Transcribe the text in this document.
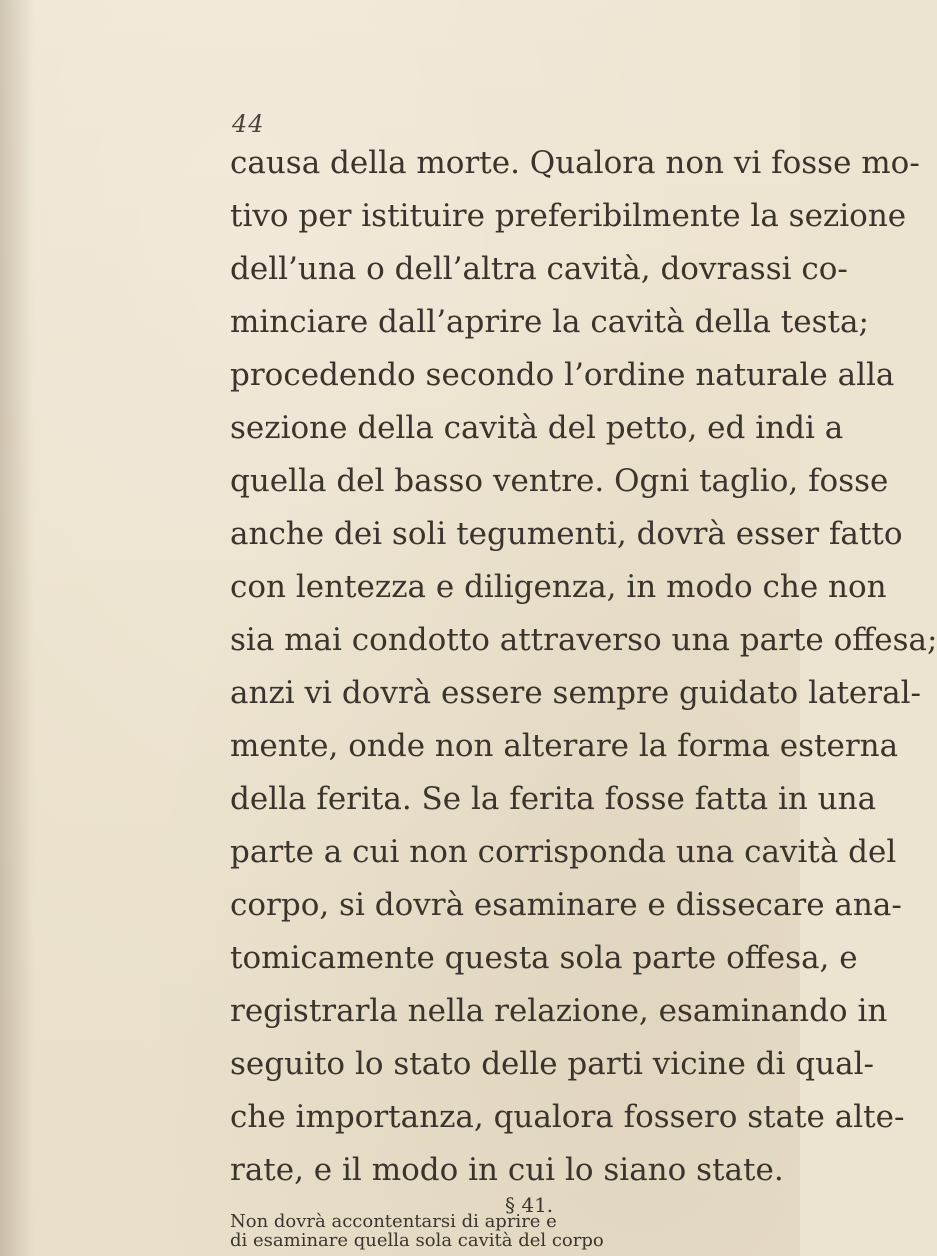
44
causa della morte. Qualora non vi fosse mo-
tivo per istituire preferibilmente la sezione
dell’una o dell’altra cavità, dovrassi co-
minciare dall’aprire la cavità della testa;
procedendo secondo l’ordine naturale alla
sezione della cavità del petto, ed indi a
quella del basso ventre. Ogni taglio, fosse
anche dei soli tegumenti, dovrà esser fatto
con lentezza e diligenza, in modo che non
sia mai condotto attraverso una parte offesa;
anzi vi dovrà essere sempre guidato lateral-
mente, onde non alterare la forma esterna
della ferita. Se la ferita fosse fatta in una
parte a cui non corrisponda una cavità del
corpo, si dovrà esaminare e dissecare ana-
tomicamente questa sola parte offesa, e
registrarla nella relazione, esaminando in
seguito lo stato delle parti vicine di qual-
che importanza, qualora fossero state alte-
rate, e il modo in cui lo siano state.
§ 41.
Non dovrà accontentarsi di aprire e
di esaminare quella sola cavità del corpo
